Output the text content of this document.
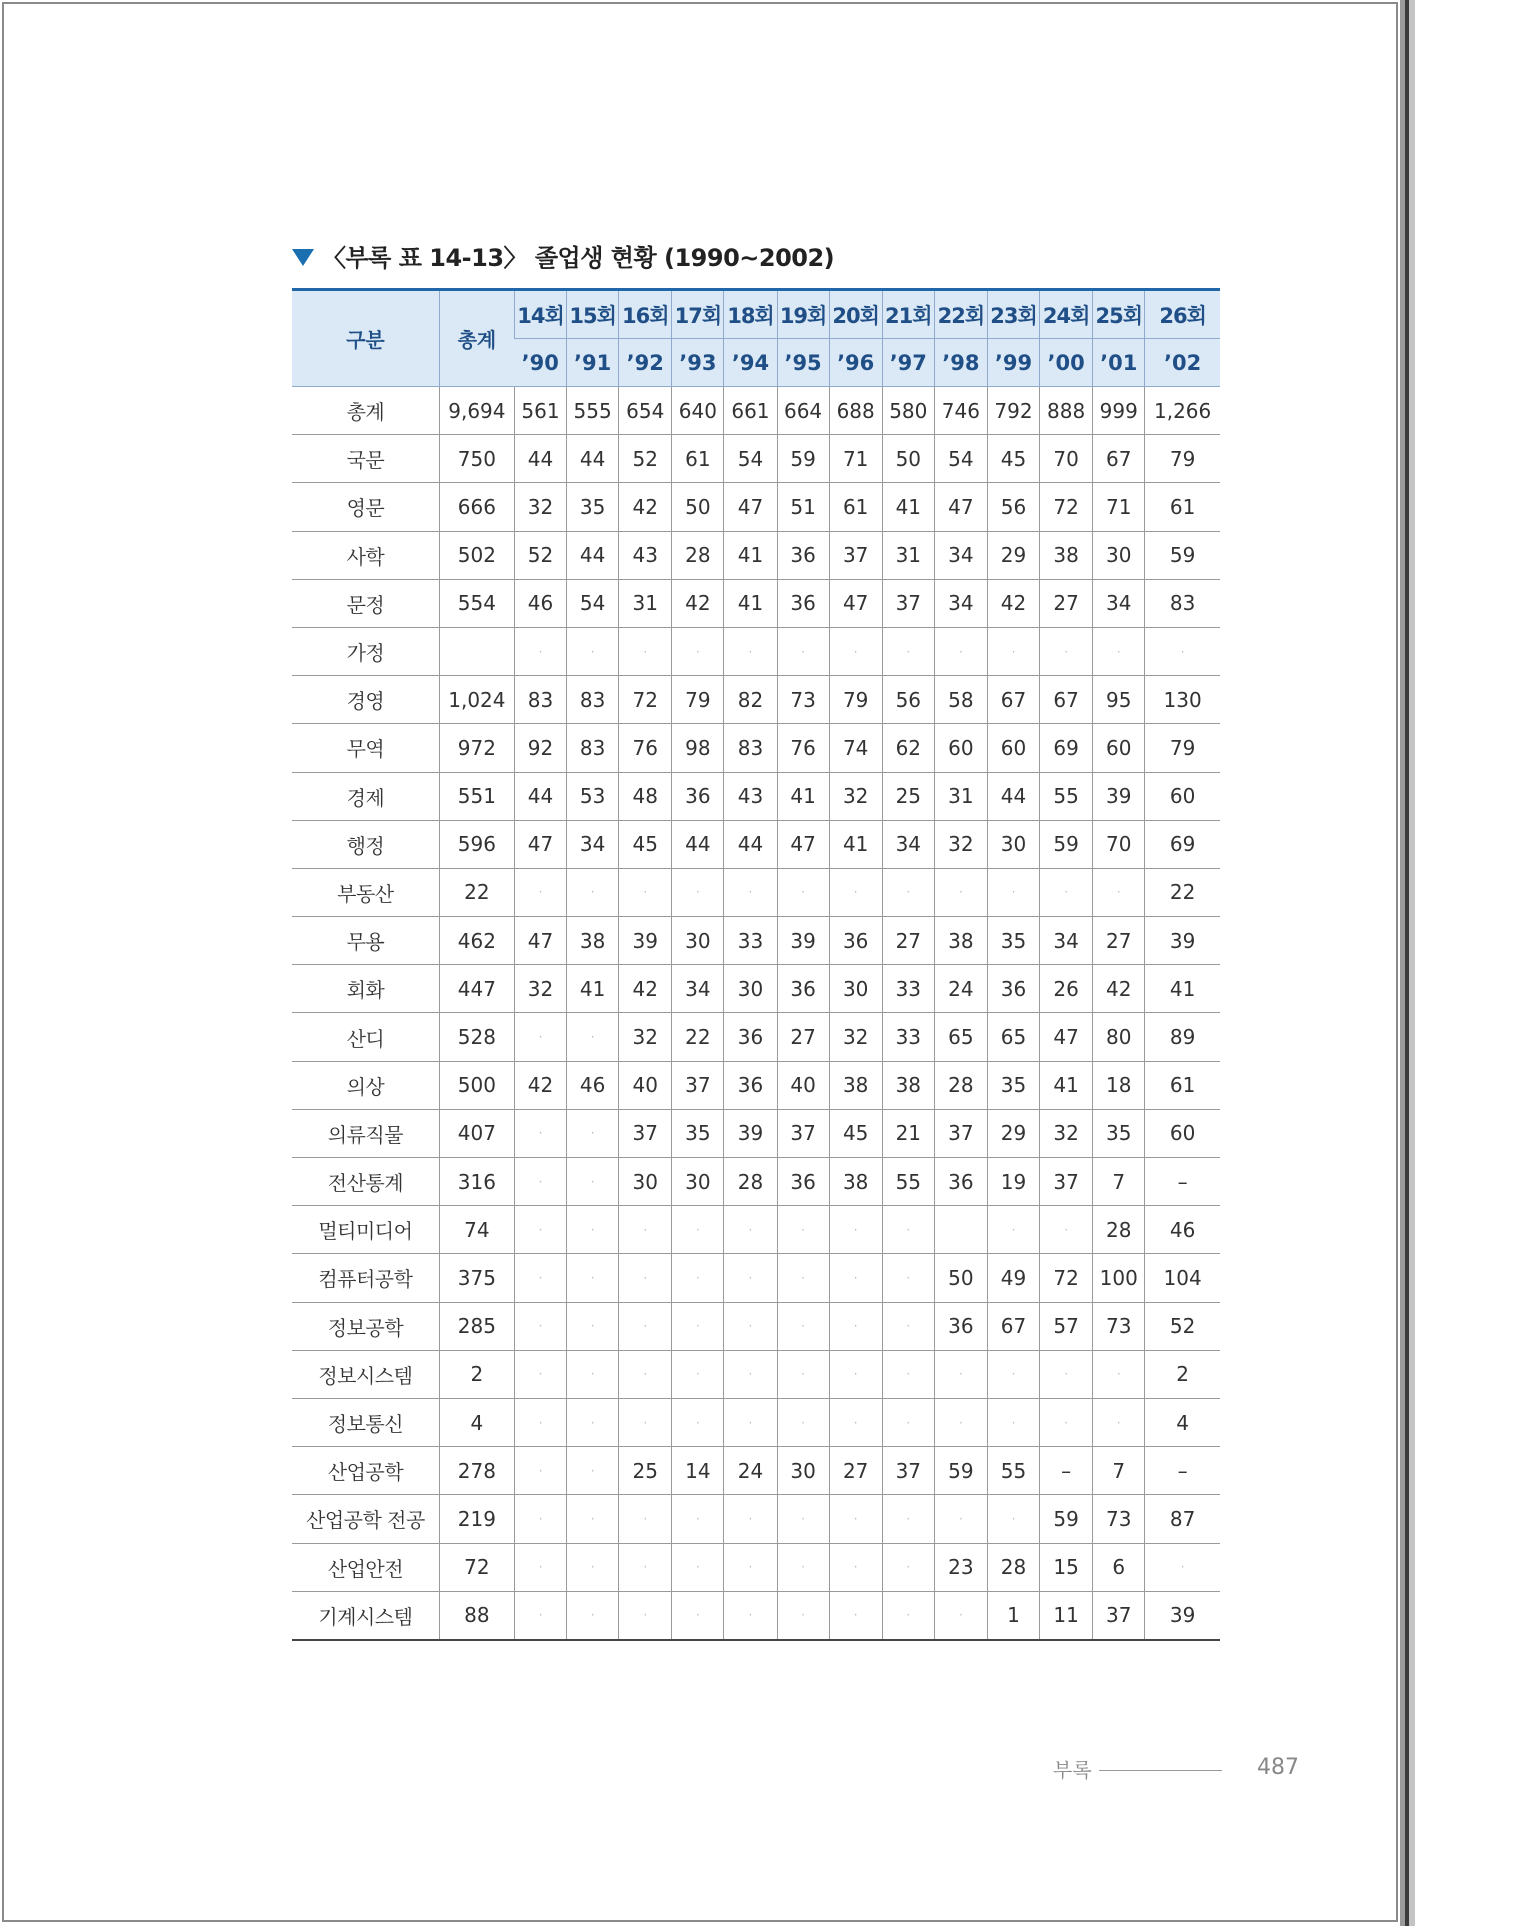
〈부록 표 14-13〉 졸업생 현황 (1990~2002)
구분	총계	14회	15회	16회	17회	18회	19회	20회	21회	22회	23회	24회	25회	26회
		’90	’91	’92	’93	’94	’95	’96	’97	’98	’99	’00	’01	’02
총계	9,694	561	555	654	640	661	664	688	580	746	792	888	999	1,266
국문	750	44	44	52	61	54	59	71	50	54	45	70	67	79
영문	666	32	35	42	50	47	51	61	41	47	56	72	71	61
사학	502	52	44	43	28	41	36	37	31	34	29	38	30	59
문정	554	46	54	31	42	41	36	47	37	34	42	27	34	83
가정		·	·	·	·	·	·	·	·	·	·	·	·	·
경영	1,024	83	83	72	79	82	73	79	56	58	67	67	95	130
무역	972	92	83	76	98	83	76	74	62	60	60	69	60	79
경제	551	44	53	48	36	43	41	32	25	31	44	55	39	60
행정	596	47	34	45	44	44	47	41	34	32	30	59	70	69
부동산	22	·	·	·	·	·	·	·	·	·	·	·	·	22
무용	462	47	38	39	30	33	39	36	27	38	35	34	27	39
회화	447	32	41	42	34	30	36	30	33	24	36	26	42	41
산디	528	·	·	32	22	36	27	32	33	65	65	47	80	89
의상	500	42	46	40	37	36	40	38	38	28	35	41	18	61
의류직물	407	·	·	37	35	39	37	45	21	37	29	32	35	60
전산통계	316	·	·	30	30	28	36	38	55	36	19	37	7	–
멀티미디어	74	·	·	·	·	·	·	·	·		·	·	28	46
컴퓨터공학	375	·	·	·	·	·	·	·	·	50	49	72	100	104
정보공학	285	·	·	·	·	·	·	·	·	36	67	57	73	52
정보시스템	2	·	·	·	·	·	·	·	·	·	·	·	·	2
정보통신	4	·	·	·	·	·	·	·	·	·	·	·	·	4
산업공학	278	·	·	25	14	24	30	27	37	59	55	–	7	–
산업공학 전공	219	·	·	·	·	·	·	·	·	·	·	59	73	87
산업안전	72	·	·	·	·	·	·	·	·	23	28	15	6	·
기계시스템	88	·	·	·	·	·	·	·	·	·	1	11	37	39
부록	487
